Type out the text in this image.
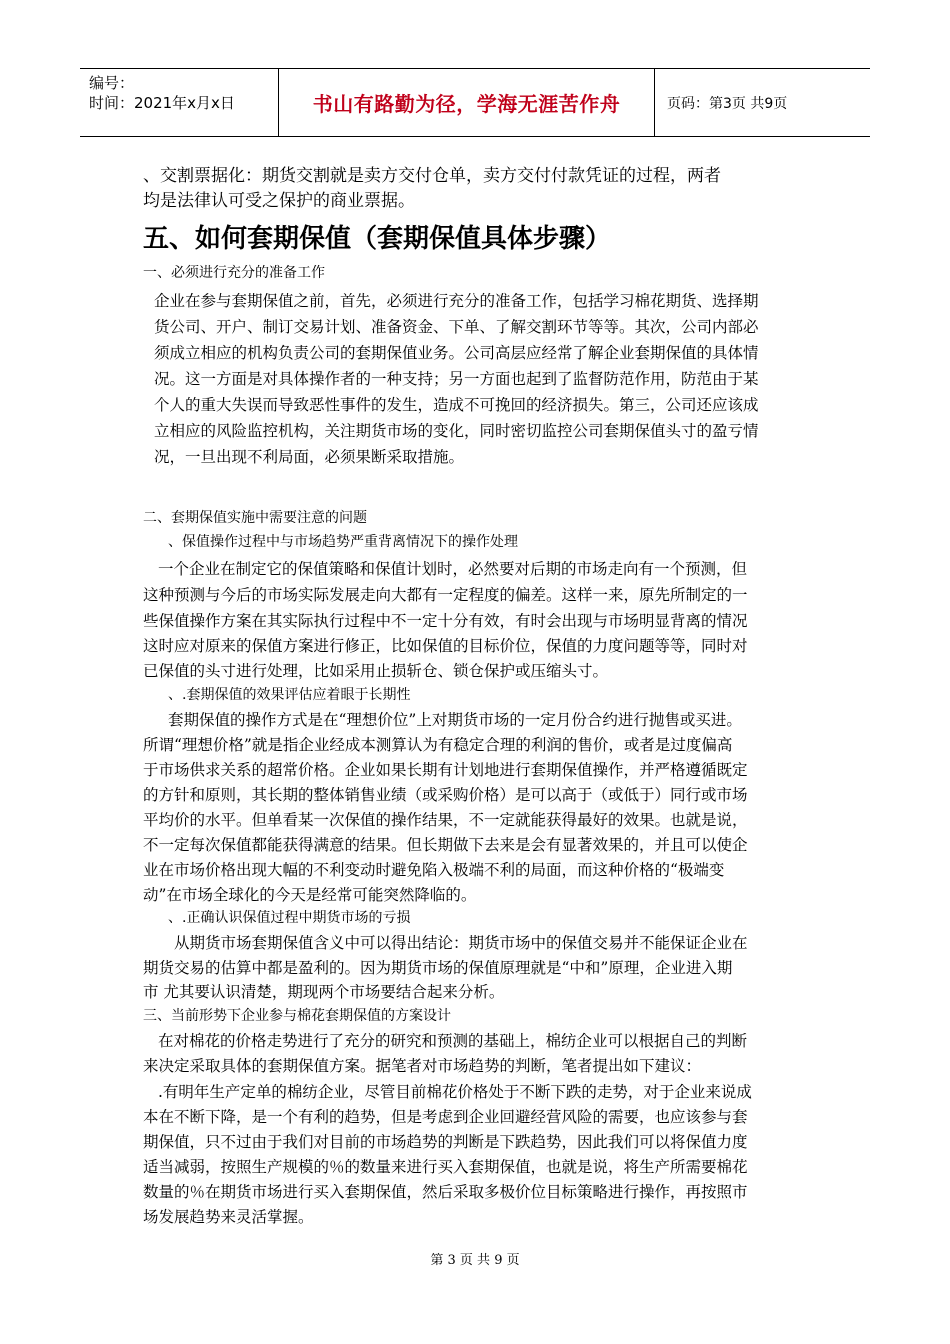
编号：
时间：2021年x月x日	书山有路勤为径，学海无涯苦作舟	页码：第3页 共9页
、交割票据化：期货交割就是卖方交付仓单，卖方交付付款凭证的过程，两者
均是法律认可受之保护的商业票据。
五、如何套期保值（套期保值具体步骤）
一、必须进行充分的准备工作
企业在参与套期保值之前，首先，必须进行充分的准备工作，包括学习棉花期货、选择期
货公司、开户、制订交易计划、准备资金、下单、了解交割环节等等。其次，公司内部必
须成立相应的机构负责公司的套期保值业务。公司高层应经常了解企业套期保值的具体情
况。这一方面是对具体操作者的一种支持；另一方面也起到了监督防范作用，防范由于某
个人的重大失误而导致恶性事件的发生，造成不可挽回的经济损失。第三，公司还应该成
立相应的风险监控机构，关注期货市场的变化，同时密切监控公司套期保值头寸的盈亏情
况，一旦出现不利局面，必须果断采取措施。
二、套期保值实施中需要注意的问题
、保值操作过程中与市场趋势严重背离情况下的操作处理
一个企业在制定它的保值策略和保值计划时，必然要对后期的市场走向有一个预测，但
这种预测与今后的市场实际发展走向大都有一定程度的偏差。这样一来，原先所制定的一
些保值操作方案在其实际执行过程中不一定十分有效，有时会出现与市场明显背离的情况
这时应对原来的保值方案进行修正，比如保值的目标价位，保值的力度问题等等，同时对
已保值的头寸进行处理，比如采用止损斩仓、锁仓保护或压缩头寸。
、.套期保值的效果评估应着眼于长期性
套期保值的操作方式是在“理想价位”上对期货市场的一定月份合约进行抛售或买进。
所谓“理想价格”就是指企业经成本测算认为有稳定合理的利润的售价，或者是过度偏高
于市场供求关系的超常价格。企业如果长期有计划地进行套期保值操作，并严格遵循既定
的方针和原则，其长期的整体销售业绩（或采购价格）是可以高于（或低于）同行或市场
平均价的水平。但单看某一次保值的操作结果，不一定就能获得最好的效果。也就是说，
不一定每次保值都能获得满意的结果。但长期做下去来是会有显著效果的，并且可以使企
业在市场价格出现大幅的不利变动时避免陷入极端不利的局面，而这种价格的“极端变
动”在市场全球化的今天是经常可能突然降临的。
、.正确认识保值过程中期货市场的亏损
从期货市场套期保值含义中可以得出结论：期货市场中的保值交易并不能保证企业在
期货交易的估算中都是盈利的。因为期货市场的保值原理就是“中和”原理，企业进入期
市 尤其要认识清楚，期现两个市场要结合起来分析。
三、当前形势下企业参与棉花套期保值的方案设计
在对棉花的价格走势进行了充分的研究和预测的基础上，棉纺企业可以根据自己的判断
来决定采取具体的套期保值方案。据笔者对市场趋势的判断，笔者提出如下建议：
.有明年生产定单的棉纺企业，尽管目前棉花价格处于不断下跌的走势，对于企业来说成
本在不断下降，是一个有利的趋势，但是考虑到企业回避经营风险的需要，也应该参与套
期保值，只不过由于我们对目前的市场趋势的判断是下跌趋势，因此我们可以将保值力度
适当减弱，按照生产规模的％的数量来进行买入套期保值，也就是说，将生产所需要棉花
数量的％在期货市场进行买入套期保值，然后采取多极价位目标策略进行操作，再按照市
场发展趋势来灵活掌握。
第 3 页 共 9 页
